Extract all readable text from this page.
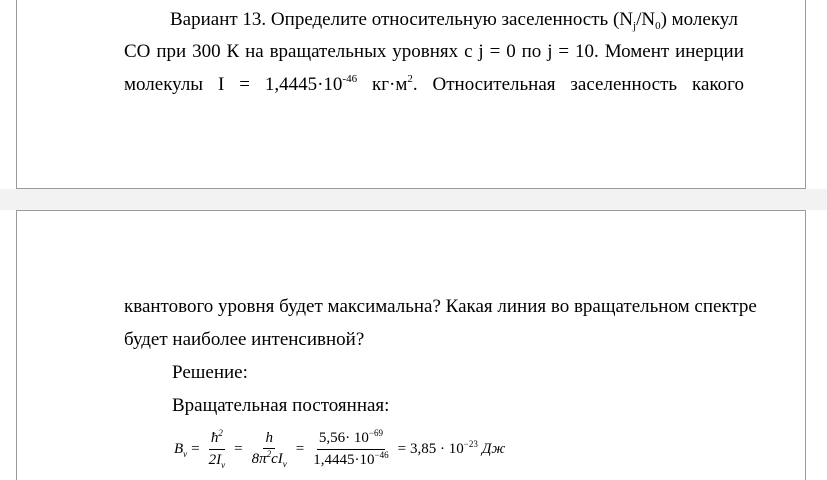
Вариант 13. Определите относительную заселенность $(N_j/N_0)$ молекул
CO при 300 К на вращательных уровнях с j = 0 по j = 10. Момент инерции
молекулы $I = 1,4445\cdot 10^{-46}$ $кг\cdot м^2$. Относительная заселенность какого
квантового уровня будет максимальна? Какая линия во вращательном спектре
будет наиболее интенсивной?
Решение:
Вращательная постоянная:
$B_v = \frac{ħ^2}{2I_v} = \frac{h}{8\pi^2cI_v} = \frac{5,56\cdot 10^{-69}}{1,4445\cdot 10^{-46}} = 3,85 \cdot 10^{-23}$ Дж
